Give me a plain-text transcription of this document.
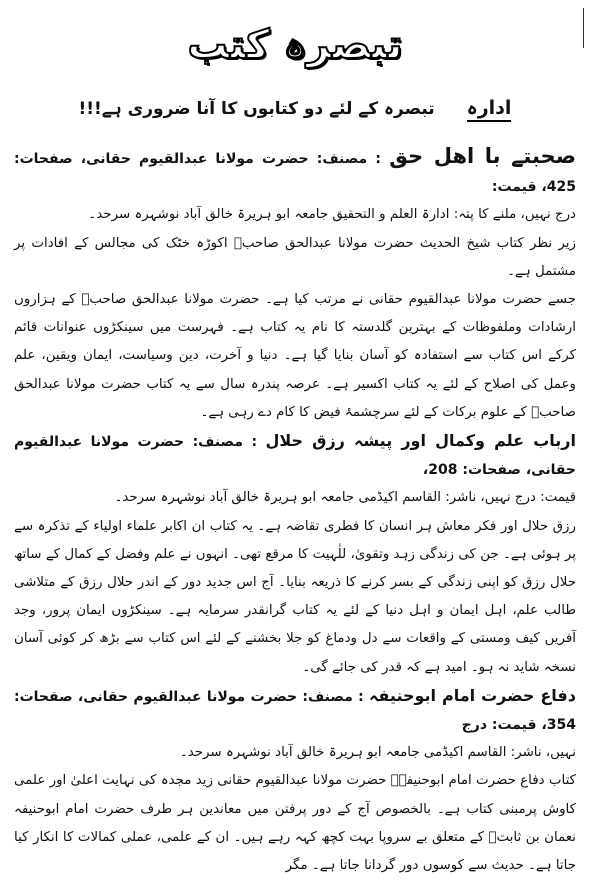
تبصرہ کتب
ادارہ تبصرہ کے لئے دو کتابوں کا آنا ضروری ہے!!!

صحبتے با اھل حق : مصنف: حضرت مولانا عبدالقیوم حقانی، صفحات: 425، قیمت:

درج نہیں، ملنے کا پتہ: ادارۃ العلم و التحقیق جامعہ ابو ہریرۃ خالق آباد نوشہرہ سرحد۔

زیر نظر کتاب شیخ الحدیث حضرت مولانا عبدالحق صاحبؒ اکوڑہ خٹک کی مجالس کے افادات پر مشتمل ہے۔

جسے حضرت مولانا عبدالقیوم حقانی نے مرتب کیا ہے۔ حضرت مولانا عبدالحق صاحبؒ کے ہزاروں ارشادات وملفوظات کے بہترین گلدستہ کا نام یہ کتاب ہے۔ فہرست میں سینکڑوں عنوانات قائم کرکے اس کتاب سے استفادہ کو آسان بنایا گیا ہے۔ دنیا و آخرت، دین وسیاست، ایمان ویقین، علم وعمل کی اصلاح کے لئے یہ کتاب اکسیر ہے۔ عرصہ پندرہ سال سے یہ کتاب حضرت مولانا عبدالحق صاحبؒ کے علوم برکات کے لئے سرچشمۂ فیض کا کام دے رہی ہے۔

ارباب علم وکمال اور پیشہ رزق حلال : مصنف: حضرت مولانا عبدالقیوم حقانی، صفحات: 208،

قیمت: درج نہیں، ناشر: القاسم اکیڈمی جامعہ ابو ہریرۃ خالق آباد نوشہرہ سرحد۔

رزق حلال اور فکر معاش ہر انسان کا فطری تقاضہ ہے۔ یہ کتاب ان اکابر علماء اولیاء کے تذکرہ سے پر ہوئی ہے۔ جن کی زندگی زہد وتقویٰ، للٰہیت کا مرقع تھی۔ انہوں نے علم وفضل کے کمال کے ساتھ حلال رزق کو اپنی زندگی کے بسر کرنے کا ذریعہ بنایا۔ آج اس جدید دور کے اندر حلال رزق کے متلاشی طالب علم، اہل ایمان و اہل دنیا کے لئے یہ کتاب گرانقدر سرمایہ ہے۔ سینکڑوں ایمان پرور، وجد آفریں کیف ومستی کے واقعات سے دل ودماغ کو جلا بخشنے کے لئے اس کتاب سے بڑھ کر کوئی آسان نسخہ شاید نہ ہو۔ امید ہے کہ قدر کی جائے گی۔

دفاع حضرت امام ابوحنیفہ : مصنف: حضرت مولانا عبدالقیوم حقانی، صفحات: 354، قیمت: درج

نہیں، ناشر: القاسم اکیڈمی جامعہ ابو ہریرۃ خالق آباد نوشہرہ سرحد۔

کتاب دفاع حضرت امام ابوحنیفہؒ حضرت مولانا عبدالقیوم حقانی زید مجدہ کی نہایت اعلیٰ اور علمی کاوش پرمبنی کتاب ہے۔ بالخصوص آج کے دور پرفتن میں معاندین ہر طرف حضرت امام ابوحنیفہ نعمان بن ثابتؒ کے متعلق بے سروپا بہت کچھ کہہ رہے ہیں۔ ان کے علمی، عملی کمالات کا انکار کیا جاتا ہے۔ حدیث سے کوسوں دور گردانا جاتا ہے۔ مگر
